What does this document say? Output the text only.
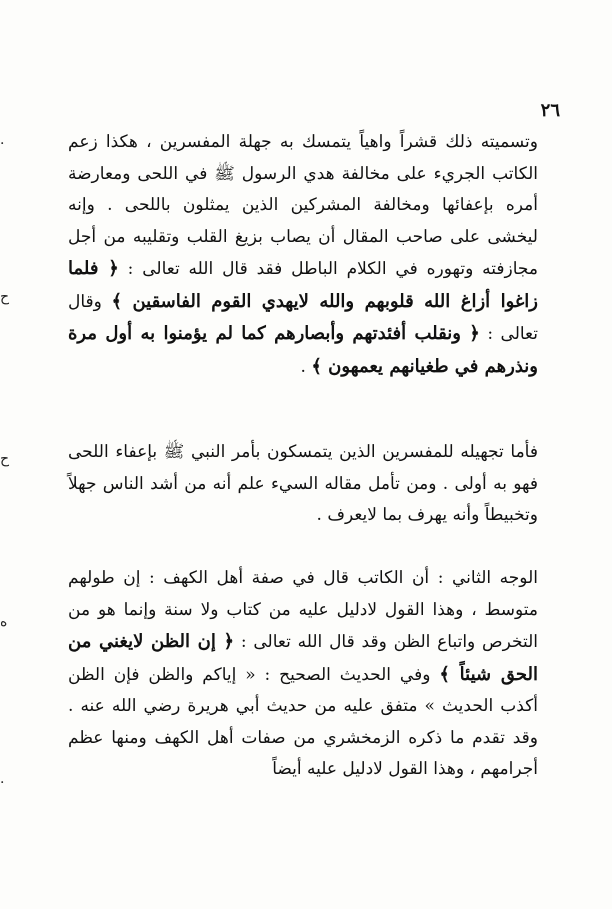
٢٦
وتسميته ذلك قشراً واهياً يتمسك به جهلة المفسرين ، هكذا زعم الكاتب الجريء على مخالفة هدي الرسول ﷺ في اللحى ومعارضة أمره بإعفائها ومخالفة المشركين الذين يمثلون باللحى . وإنه ليخشى على صاحب المقال أن يصاب بزيغ القلب وتقليبه من أجل مجازفته وتهوره في الكلام الباطل فقد قال الله تعالى : ﴿ فلما زاغوا أزاغ الله قلوبهم والله لايهدي القوم الفاسقين ﴾ وقال تعالى : ﴿ ونقلب أفئدتهم وأبصارهم كما لم يؤمنوا به أول مرة ونذرهم في طغيانهم يعمهون ﴾ .
فأما تجهيله للمفسرين الذين يتمسكون بأمر النبي ﷺ بإعفاء اللحى فهو به أولى . ومن تأمل مقاله السيء علم أنه من أشد الناس جهلاً وتخبيطاً وأنه يهرف بما لايعرف .
الوجه الثاني : أن الكاتب قال في صفة أهل الكهف : إن طولهم متوسط ، وهذا القول لادليل عليه من كتاب ولا سنة وإنما هو من التخرص واتباع الظن وقد قال الله تعالى : ﴿ إن الظن لايغني من الحق شيئاً ﴾ وفي الحديث الصحيح : « إياكم والظن فإن الظن أكذب الحديث » متفق عليه من حديث أبي هريرة رضي الله عنه . وقد تقدم ما ذكره الزمخشري من صفات أهل الكهف ومنها عظم أجرامهم ، وهذا القول لادليل عليه أيضاً
·
ح
ح
ه
·
